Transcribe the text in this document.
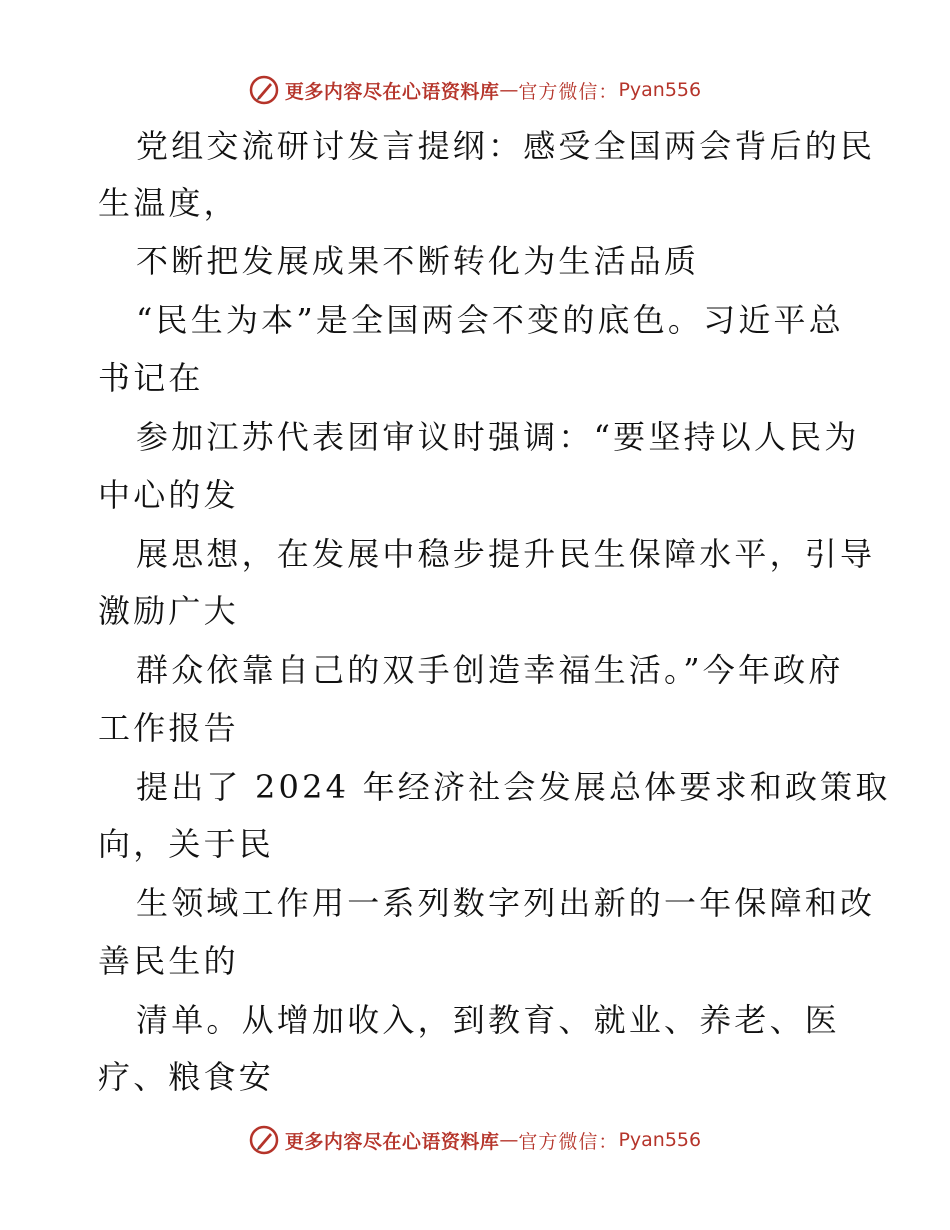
更多内容尽在心语资料库 — 官方微信： Pyan556
党组交流研讨发言提纲：感受全国两会背后的民
生温度，
不断把发展成果不断转化为生活品质
“民生为本”是全国两会不变的底色。习近平总
书记在
参加江苏代表团审议时强调：“要坚持以人民为
中心的发
展思想，在发展中稳步提升民生保障水平，引导
激励广大
群众依靠自己的双手创造幸福生活。”今年政府
工作报告
提出了 2024 年经济社会发展总体要求和政策取
向，关于民
生领域工作用一系列数字列出新的一年保障和改
善民生的
清单。从增加收入，到教育、就业、养老、医
疗、粮食安
更多内容尽在心语资料库 — 官方微信： Pyan556
